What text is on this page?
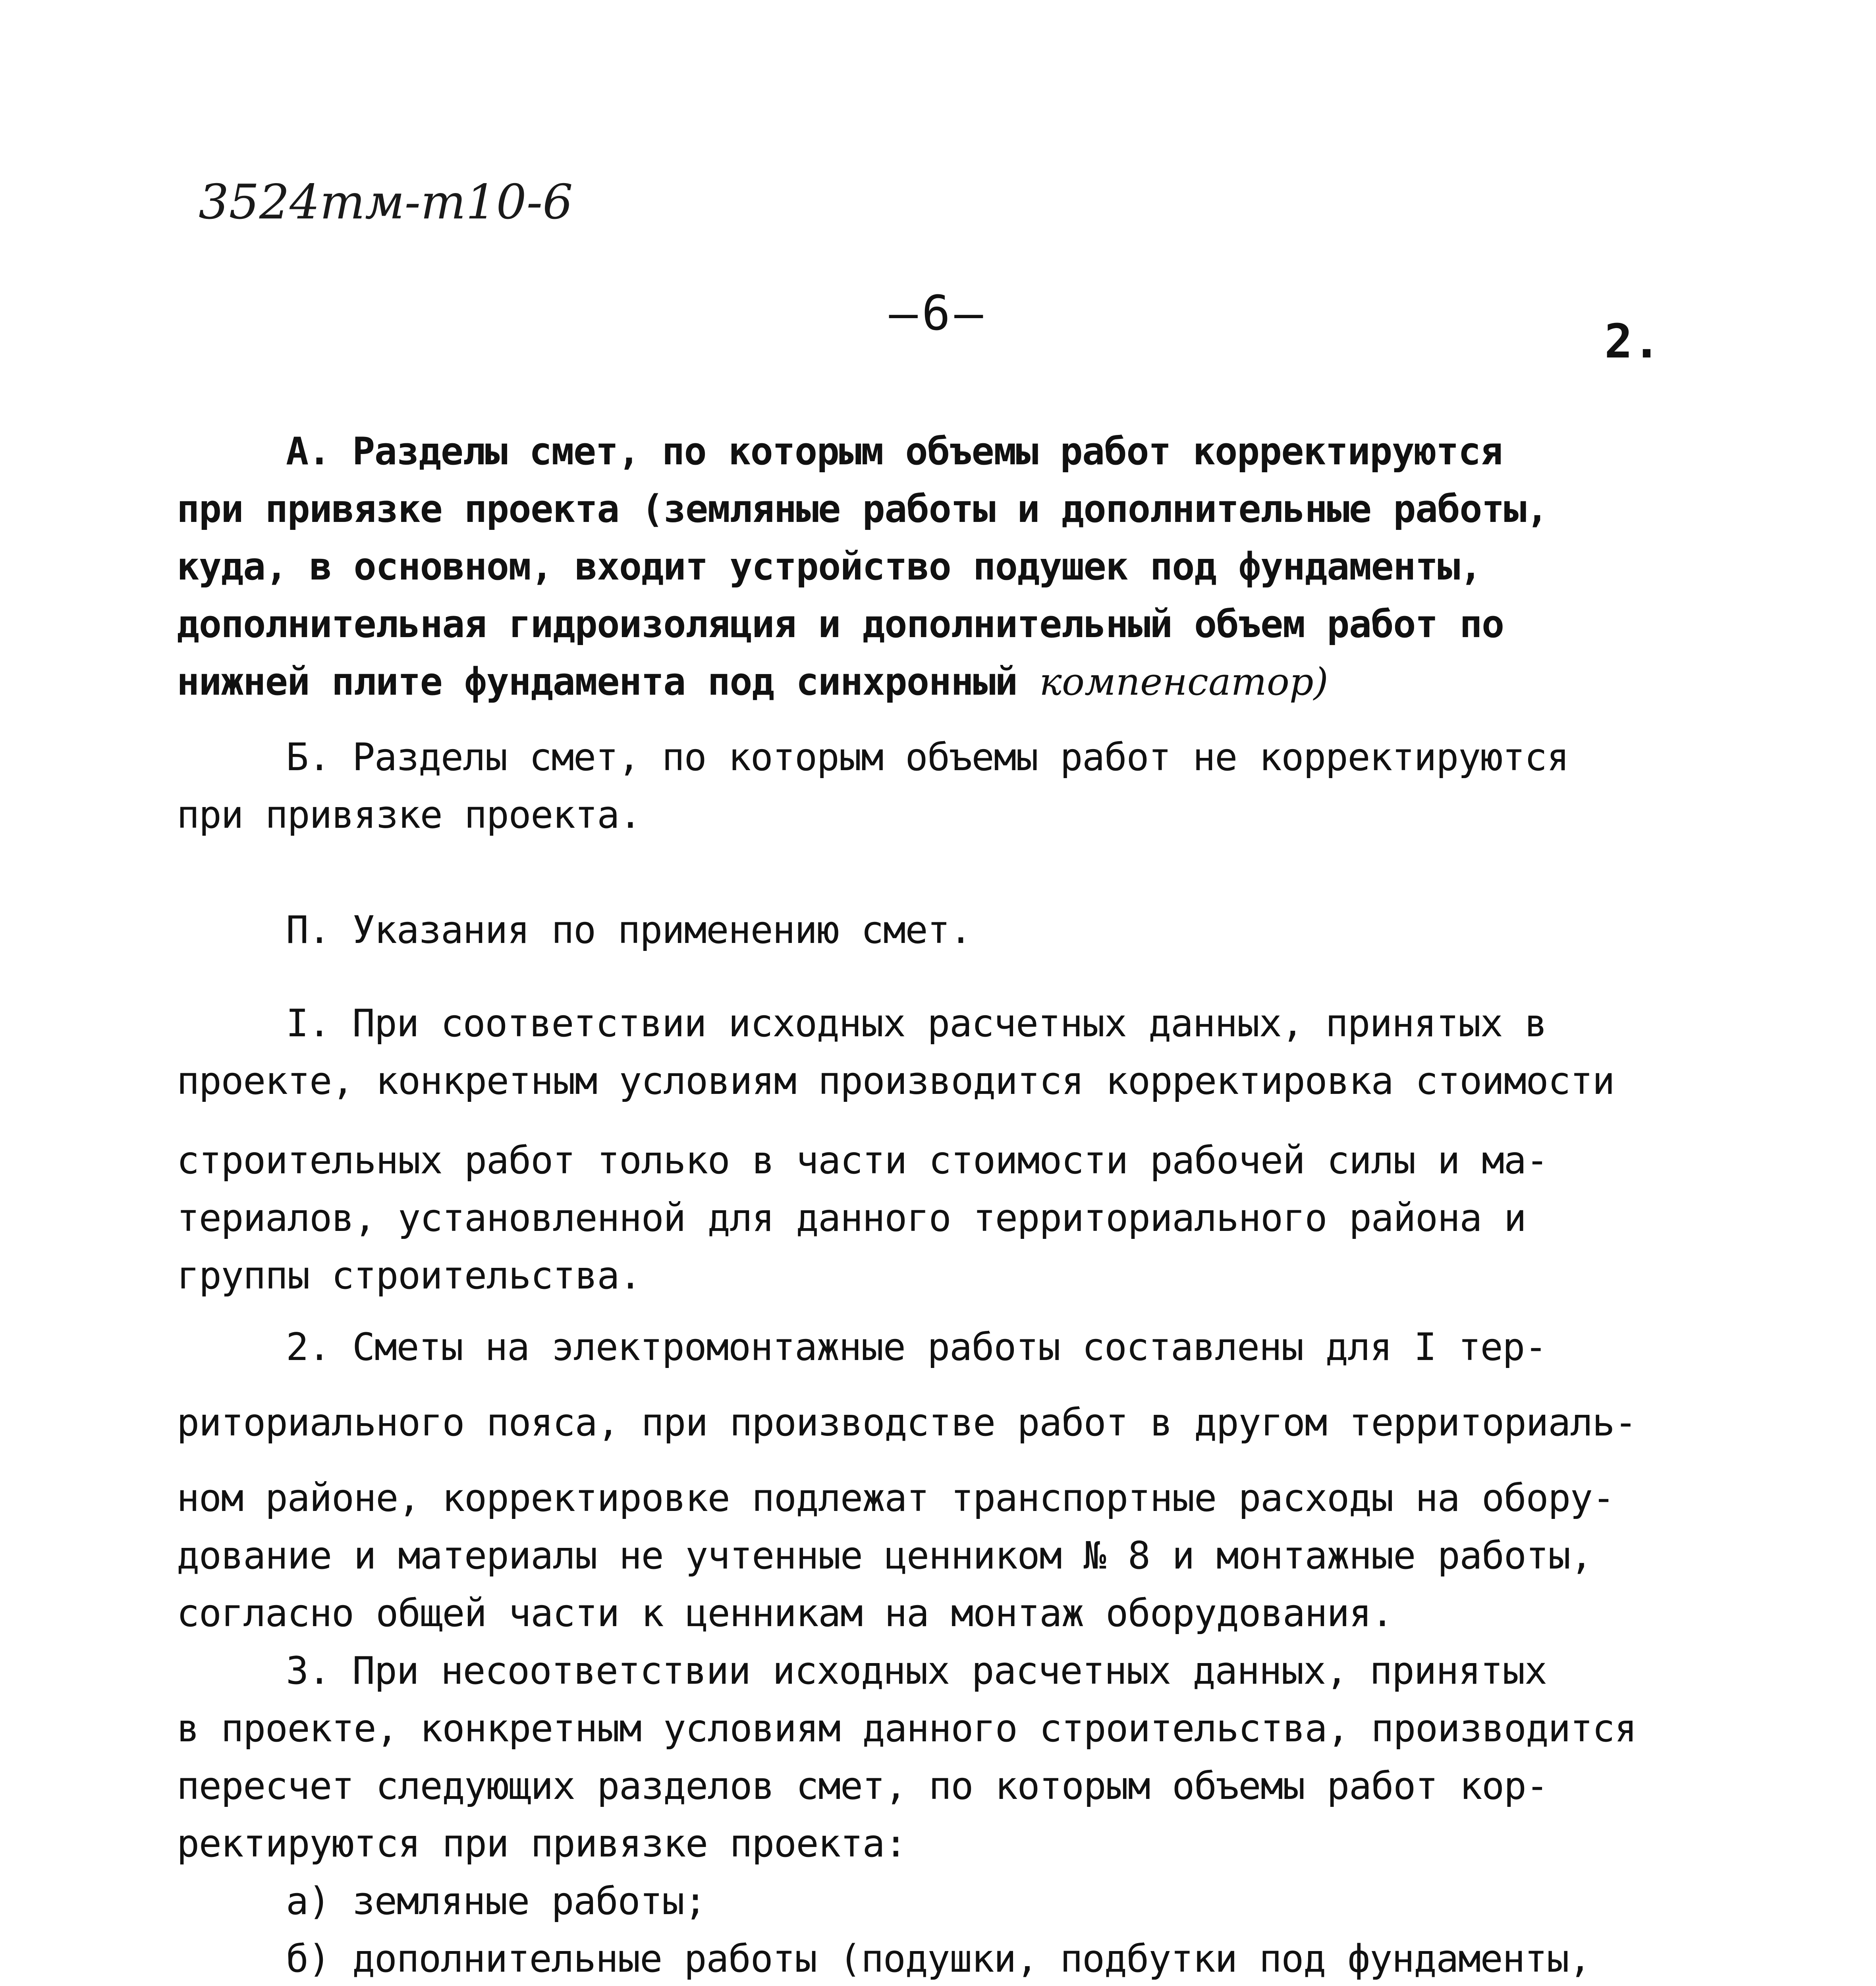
3524тм-т10-6
–6–	2.
А. Разделы смет, по которым объемы работ корректируются
при привязке проекта (земляные работы и дополнительные работы,
куда, в основном, входит устройство подушек под фундаменты,
дополнительная гидроизоляция и дополнительный объем работ по
нижней плите фундамента под синхронный компенсатор)
Б. Разделы смет, по которым объемы работ не корректируются
при привязке проекта.
П. Указания по применению смет.
I. При соответствии исходных расчетных данных, принятых в
проекте, конкретным условиям производится корректировка стоимости
строительных работ только в части стоимости рабочей силы и ма-
териалов, установленной для данного территориального района и
группы строительства.
2. Сметы на электромонтажные работы составлены для I тер-
риториального пояса, при производстве работ в другом территориаль-
ном районе, корректировке подлежат транспортные расходы на обору-
дование и материалы не учтенные ценником № 8 и монтажные работы,
согласно общей части к ценникам на монтаж оборудования.
3. При несоответствии исходных расчетных данных, принятых
в проекте, конкретным условиям данного строительства, производится
пересчет следующих разделов смет, по которым объемы работ кор-
ректируются при привязке проекта:
а) земляные работы;
б) дополнительные работы (подушки, подбутки под фундаменты,
